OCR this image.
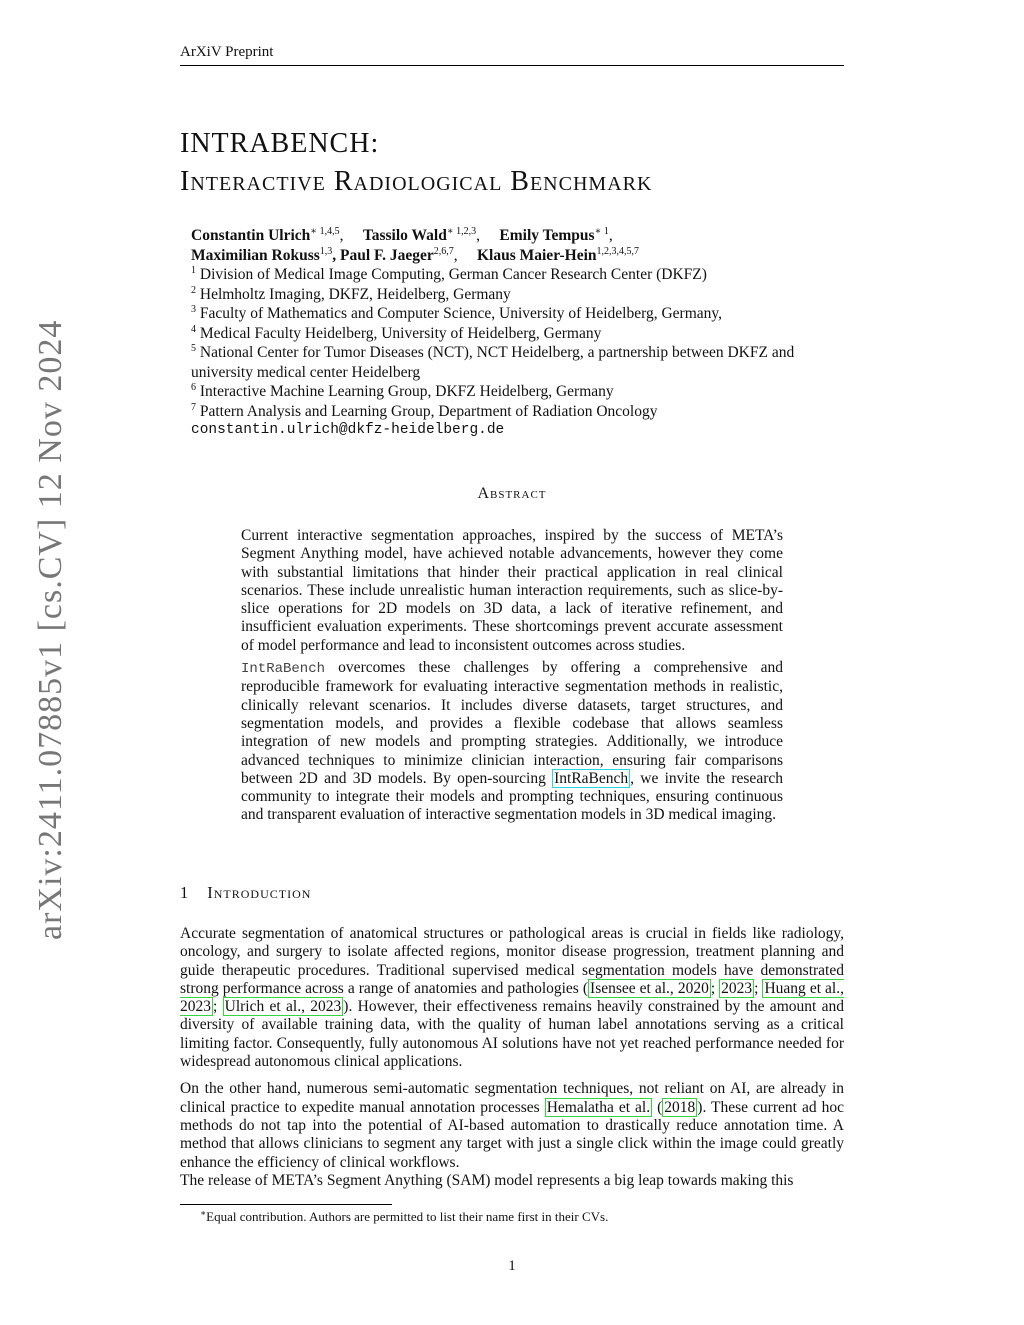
ArXiV Preprint
arXiv:2411.07885v1 [cs.CV] 12 Nov 2024
INTRABENCH:
Interactive Radiological Benchmark
Constantin Ulrich$^{∗ 1,4,5}$,     Tassilo Wald$^{∗ 1,2,3}$,     Emily Tempus$^{∗ 1}$,
Maximilian Rokuss$^{1,3}$, Paul F. Jaeger$^{2,6,7}$,     Klaus Maier-Hein$^{1,2,3,4,5,7}$
$^1$ Division of Medical Image Computing, German Cancer Research Center (DKFZ)
$^2$ Helmholtz Imaging, DKFZ, Heidelberg, Germany
$^3$ Faculty of Mathematics and Computer Science, University of Heidelberg, Germany,
$^4$ Medical Faculty Heidelberg, University of Heidelberg, Germany
$^5$ National Center for Tumor Diseases (NCT), NCT Heidelberg, a partnership between DKFZ and university medical center Heidelberg
$^6$ Interactive Machine Learning Group, DKFZ Heidelberg, Germany
$^7$ Pattern Analysis and Learning Group, Department of Radiation Oncology
constantin.ulrich@dkfz-heidelberg.de
Abstract

Current interactive segmentation approaches, inspired by the success of META’s Segment Anything model, have achieved notable advancements, however they come with substantial limitations that hinder their practical application in real clinical scenarios. These include unrealistic human interaction requirements, such as slice-by-slice operations for 2D models on 3D data, a lack of iterative refinement, and insufficient evaluation experiments. These shortcomings prevent accurate assessment of model performance and lead to inconsistent outcomes across studies.

IntRaBench overcomes these challenges by offering a comprehensive and reproducible framework for evaluating interactive segmentation methods in realistic, clinically relevant scenarios. It includes diverse datasets, target structures, and segmentation models, and provides a flexible codebase that allows seamless integration of new models and prompting strategies. Additionally, we introduce advanced techniques to minimize clinician interaction, ensuring fair comparisons between 2D and 3D models. By open-sourcing IntRaBench , we invite the research community to integrate their models and prompting techniques, ensuring continuous and transparent evaluation of interactive segmentation models in 3D medical imaging.

1 Introduction

Accurate segmentation of anatomical structures or pathological areas is crucial in fields like radiology, oncology, and surgery to isolate affected regions, monitor disease progression, treatment planning and guide therapeutic procedures. Traditional supervised medical segmentation models have demonstrated strong performance across a range of anatomies and pathologies ( Isensee et al., 2020 ; 2023 ; Huang et al., 2023 ; Ulrich et al., 2023 ). However, their effectiveness remains heavily constrained by the amount and diversity of available training data, with the quality of human label annotations serving as a critical limiting factor. Consequently, fully autonomous AI solutions have not yet reached performance needed for widespread autonomous clinical applications.

On the other hand, numerous semi-automatic segmentation techniques, not reliant on AI, are already in clinical practice to expedite manual annotation processes Hemalatha et al. ( 2018 ). These current ad hoc methods do not tap into the potential of AI-based automation to drastically reduce annotation time. A method that allows clinicians to segment any target with just a single click within the image could greatly enhance the efficiency of clinical workflows.

The release of META’s Segment Anything (SAM) model represents a big leap towards making this

∗Equal contribution. Authors are permitted to list their name first in their CVs.
1
